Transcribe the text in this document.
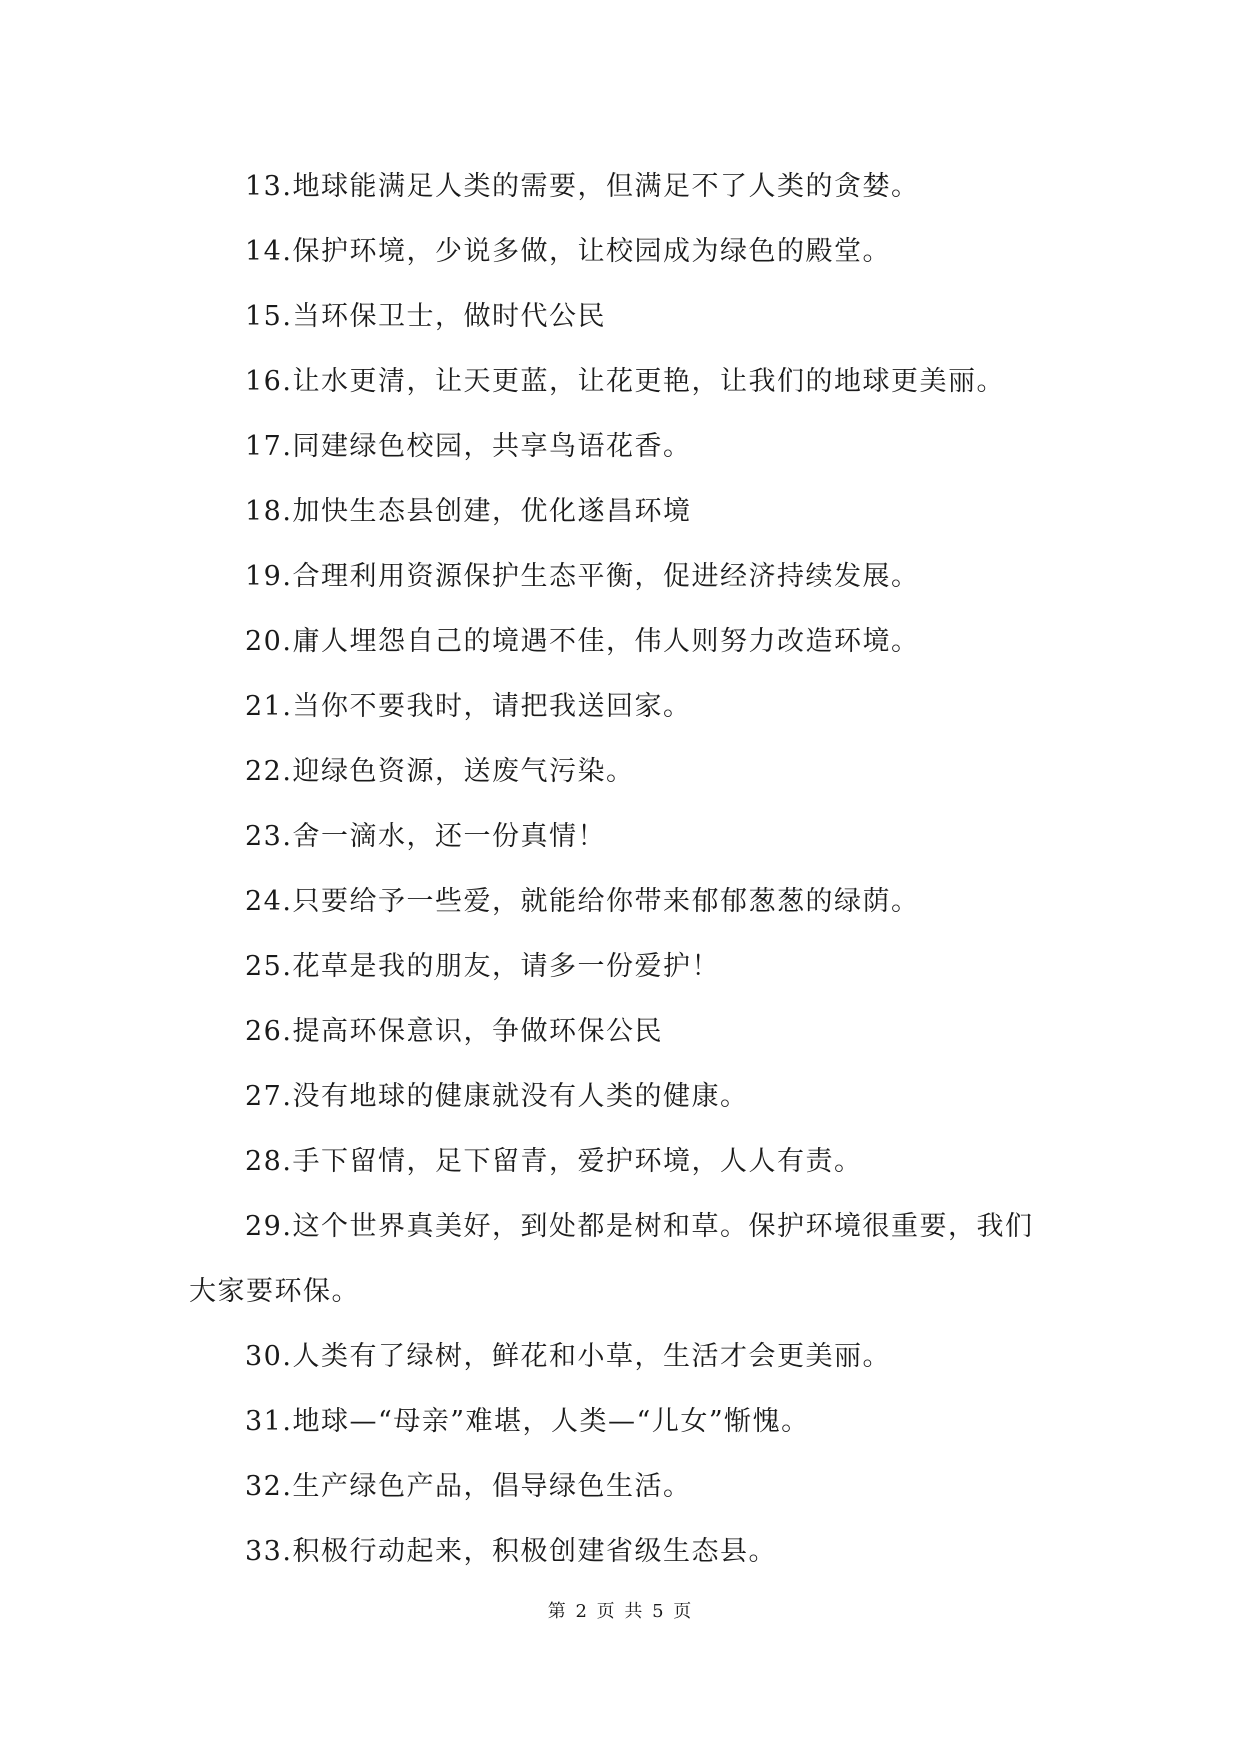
13.地球能满足人类的需要，但满足不了人类的贪婪。

14.保护环境，少说多做，让校园成为绿色的殿堂。

15.当环保卫士，做时代公民

16.让水更清，让天更蓝，让花更艳，让我们的地球更美丽。

17.同建绿色校园，共享鸟语花香。

18.加快生态县创建，优化遂昌环境

19.合理利用资源保护生态平衡，促进经济持续发展。

20.庸人埋怨自己的境遇不佳，伟人则努力改造环境。

21.当你不要我时，请把我送回家。

22.迎绿色资源，送废气污染。

23.舍一滴水，还一份真情！

24.只要给予一些爱，就能给你带来郁郁葱葱的绿荫。

25.花草是我的朋友，请多一份爱护！

26.提高环保意识，争做环保公民

27.没有地球的健康就没有人类的健康。

28.手下留情，足下留青，爱护环境，人人有责。

29.这个世界真美好，到处都是树和草。保护环境很重要，我们
大家要环保。

30.人类有了绿树，鲜花和小草，生活才会更美丽。

31.地球—“母亲”难堪，人类—“儿女”惭愧。

32.生产绿色产品，倡导绿色生活。

33.积极行动起来，积极创建省级生态县。

第 2 页 共 5 页
